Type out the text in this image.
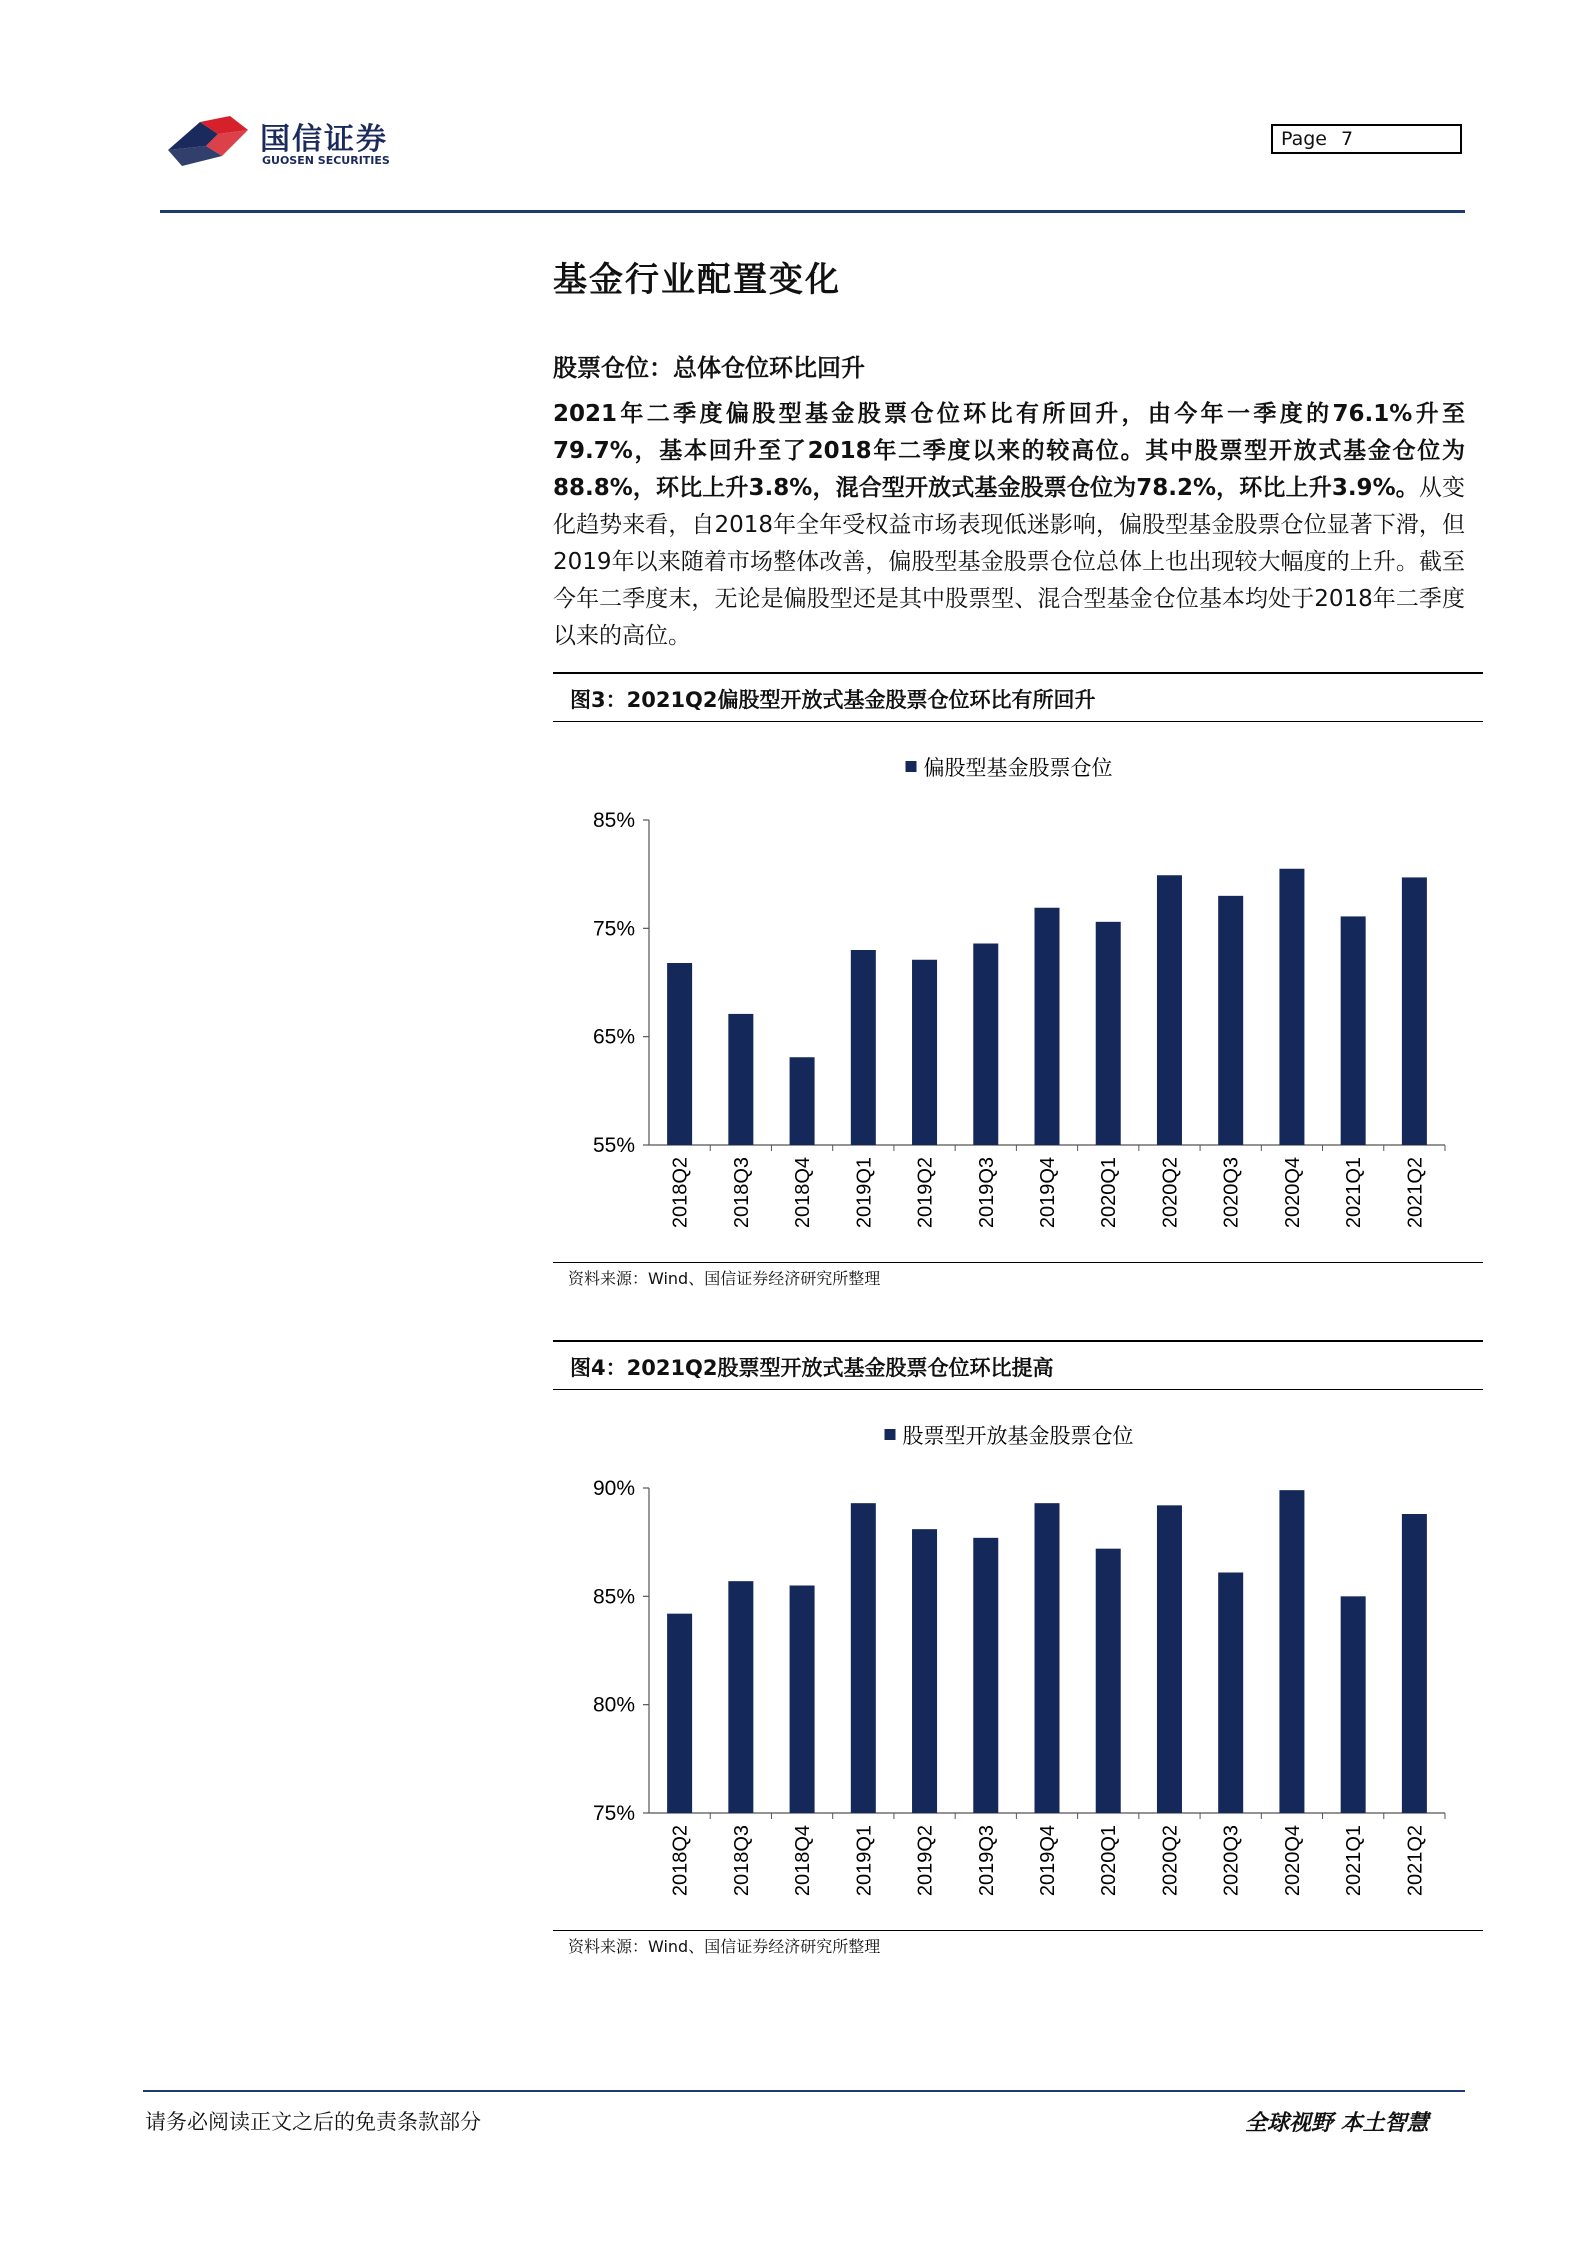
国信证券
GUOSEN SECURITIES
Page 7
基金行业配置变化
股票仓位：总体仓位环比回升
2021年二季度偏股型基金股票仓位环比有所回升，由今年一季度的76.1%升至79.7%，基本回升至了2018年二季度以来的较高位。其中股票型开放式基金仓位为88.8%，环比上升3.8%，混合型开放式基金股票仓位为78.2%，环比上升3.9%。从变化趋势来看，自2018年全年受权益市场表现低迷影响，偏股型基金股票仓位显著下滑，但2019年以来随着市场整体改善，偏股型基金股票仓位总体上也出现较大幅度的上升。截至今年二季度末，无论是偏股型还是其中股票型、混合型基金仓位基本均处于2018年二季度以来的高位。
图3：2021Q2偏股型开放式基金股票仓位环比有所回升
偏股型基金股票仓位
55%
65%
75%
85%
2018Q2 2018Q3 2018Q4 2019Q1 2019Q2 2019Q3 2019Q4 2020Q1 2020Q2 2020Q3 2020Q4 2021Q1 2021Q2
资料来源：Wind、国信证券经济研究所整理
图4：2021Q2股票型开放式基金股票仓位环比提高
股票型开放基金股票仓位
75%
80%
85%
90%
2018Q2 2018Q3 2018Q4 2019Q1 2019Q2 2019Q3 2019Q4 2020Q1 2020Q2 2020Q3 2020Q4 2021Q1 2021Q2
资料来源：Wind、国信证券经济研究所整理
请务必阅读正文之后的免责条款部分	全球视野 本土智慧
